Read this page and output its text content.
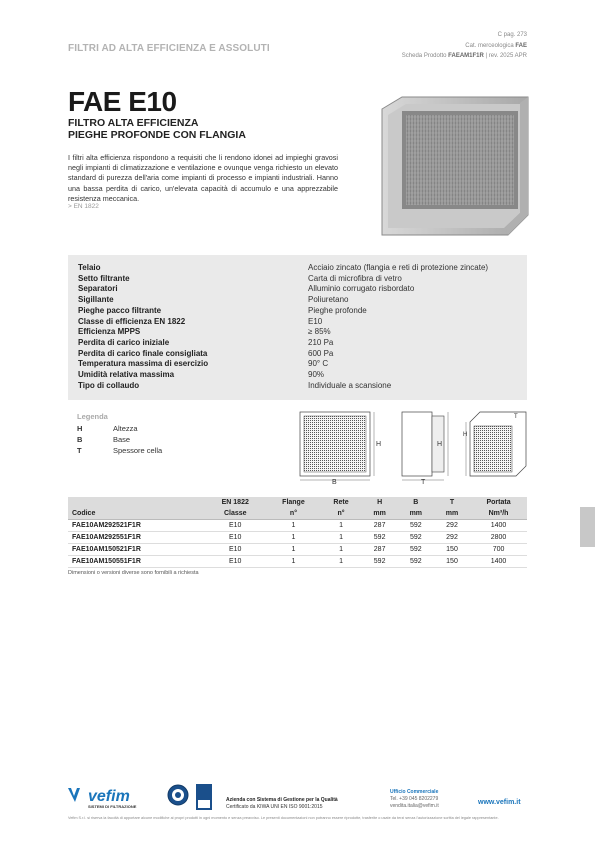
FILTRI AD ALTA EFFICIENZA E ASSOLUTI
C pag. 273
Cat. merceologica FAE
Scheda Prodotto FAEAM1F1R | rev. 2025 APR
FAE E10
FILTRO ALTA EFFICIENZA
PIEGHE PROFONDE CON FLANGIA
I filtri alta efficienza rispondono a requisiti che li rendono idonei ad impieghi gravosi negli impianti di climatizzazione e ventilazione e ovunque venga richiesto un elevato standard di purezza dell'aria come impianti di processo e impianti industriali. Hanno una bassa perdita di carico, un'elevata capacità di accumulo e una apprezzabile resistenza meccanica.
> EN 1822
Telaio	Acciaio zincato (flangia e reti di protezione zincate)
Setto filtrante	Carta di microfibra di vetro
Separatori	Alluminio corrugato risbordato
Sigillante	Poliuretano
Pieghe pacco filtrante	Pieghe profonde
Classe di efficienza EN 1822	E10
Efficienza MPPS	≥ 85%
Perdita di carico iniziale	210 Pa
Perdita di carico finale consigliata	600 Pa
Temperatura massima di esercizio	90° C
Umidità relativa massima	90%
Tipo di collaudo	Individuale a scansione
Legenda
H	Altezza
B	Base
T	Spessore cella
B
H
T
H
H
T
	EN 1822	Flange	Rete	H	B	T	Portata
Codice	Classe	n°	n°	mm	mm	mm	Nm³/h
FAE10AM292521F1R	E10	1	1	287	592	292	1400
FAE10AM292551F1R	E10	1	1	592	592	292	2800
FAE10AM150521F1R	E10	1	1	287	592	150	700
FAE10AM150551F1R	E10	1	1	592	592	150	1400
Dimensioni o versioni diverse sono fornibili a richiesta
vefim
SISTEMI DI FILTRAZIONE
Azienda con Sistema di Gestione per la Qualità
Certificato da KIWA UNI EN ISO 9001:2015
Ufficio Commerciale
Tel. +39 045 8202279
vendita.italia@vefim.it	www.vefim.it
Vefim S.r.l. si riserva la facoltà di apportare alcune modifiche ai propri prodotti in ogni momento e senza preavviso. Le presenti documentazioni non potranno essere riprodotte, trasferite o usate da terzi senza l'autorizzazione scritta del legale rappresentante.
